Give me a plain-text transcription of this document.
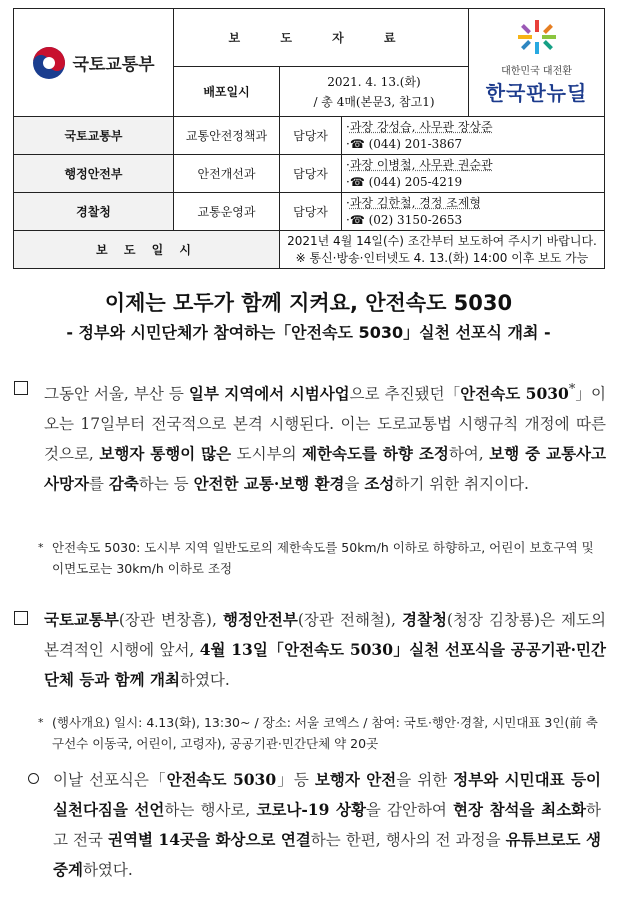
국토교통부	보 도 자 료			대한민국 대전환
한국판뉴딜

	배포일시	2021. 4. 13.(화)
/ 총 4매(본문3, 참고1)		

국토교통부	교통안전정책과	담당자	·과장 강성습, 사무관 장상준
·☎ (044) 201-3867	

행정안전부	안전개선과	담당자	·과장 이병철, 사무관 권순관
·☎ (044) 205-4219	

경찰청	교통운영과	담당자	·과장 김한철, 경정 조제형
·☎ (02) 3150-2653	

보 도 일 시		2021년 4월 14일(수) 조간부터 보도하여 주시기 바랍니다.
※ 통신·방송·인터넷도 4. 13.(화) 14:00 이후 보도 가능		
이제는 모두가 함께 지켜요, 안전속도 5030
- 정부와 시민단체가 참여하는「안전속도 5030」실천 선포식 개최 -
그동안 서울, 부산 등 일부 지역에서 시범사업으로 추진됐던「안전속도 5030*」이 오는 17일부터 전국적으로 본격 시행된다. 이는 도로교통법 시행규칙 개정에 따른 것으로, 보행자 통행이 많은 도시부의 제한속도를 하향 조정하여, 보행 중 교통사고 사망자를 감축하는 등 안전한 교통·보행 환경을 조성하기 위한 취지이다.
* 안전속도 5030: 도시부 지역 일반도로의 제한속도를 50km/h 이하로 하향하고, 어린이 보호구역 및 이면도로는 30km/h 이하로 조정
국토교통부(장관 변창흠), 행정안전부(장관 전해철), 경찰청(청장 김창룡)은 제도의 본격적인 시행에 앞서, 4월 13일「안전속도 5030」실천 선포식을 공공기관·민간단체 등과 함께 개최하였다.
* (행사개요) 일시: 4.13(화), 13:30~ / 장소: 서울 코엑스 / 참여: 국토·행안·경찰, 시민대표 3인(前 축구선수 이동국, 어린이, 고령자), 공공기관·민간단체 약 20곳
이날 선포식은「안전속도 5030」등 보행자 안전을 위한 정부와 시민대표 등이 실천다짐을 선언하는 행사로, 코로나-19 상황을 감안하여 현장 참석을 최소화하고 전국 권역별 14곳을 화상으로 연결하는 한편, 행사의 전 과정을 유튜브로도 생중계하였다.
